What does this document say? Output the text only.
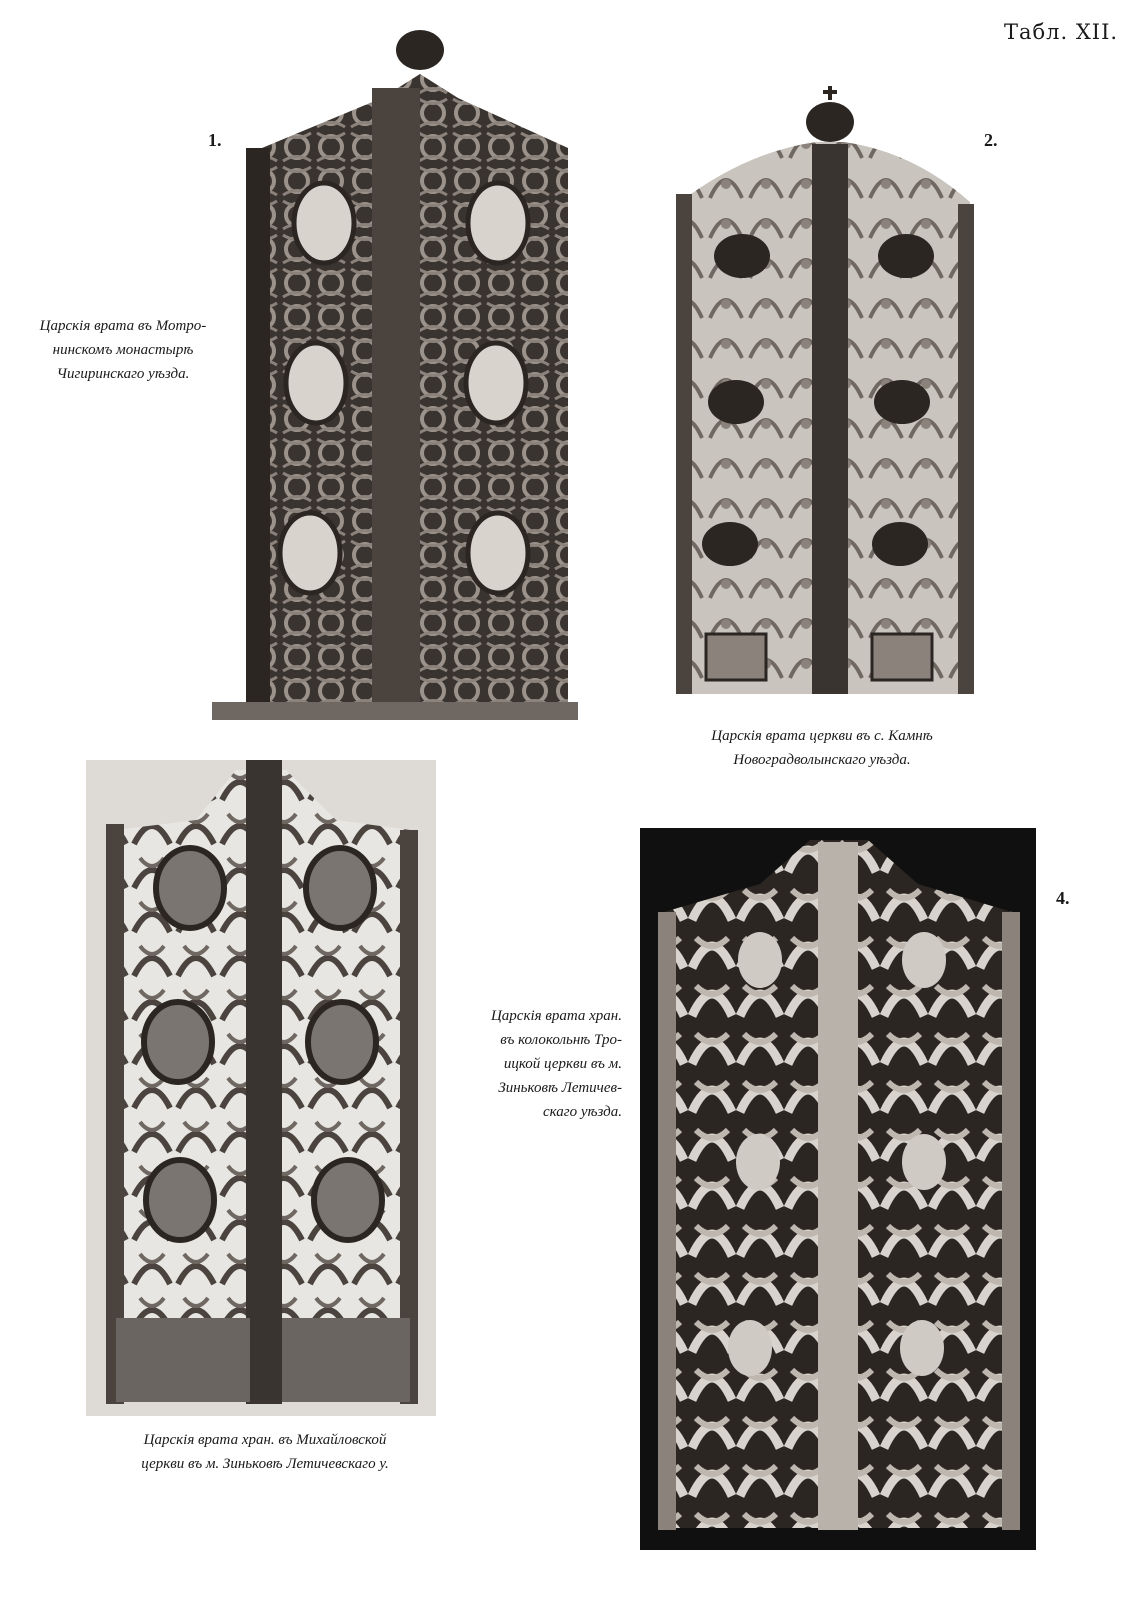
Табл. XII.
1.	2.
4.
Царскія врата въ Мотро-
нинскомъ монастырѣ
Чигиринскаго уѣзда.
Царскія врата церкви въ с. Камнѣ
Новоградволынскаго уѣзда.
Царскія врата хран. въ Михайловской
церкви въ м. Зиньковѣ Летичевскаго у.
Царскія врата хран.
въ колокольнѣ Тро-
ицкой церкви въ м.
Зиньковѣ Летичев-
скаго уѣзда.
